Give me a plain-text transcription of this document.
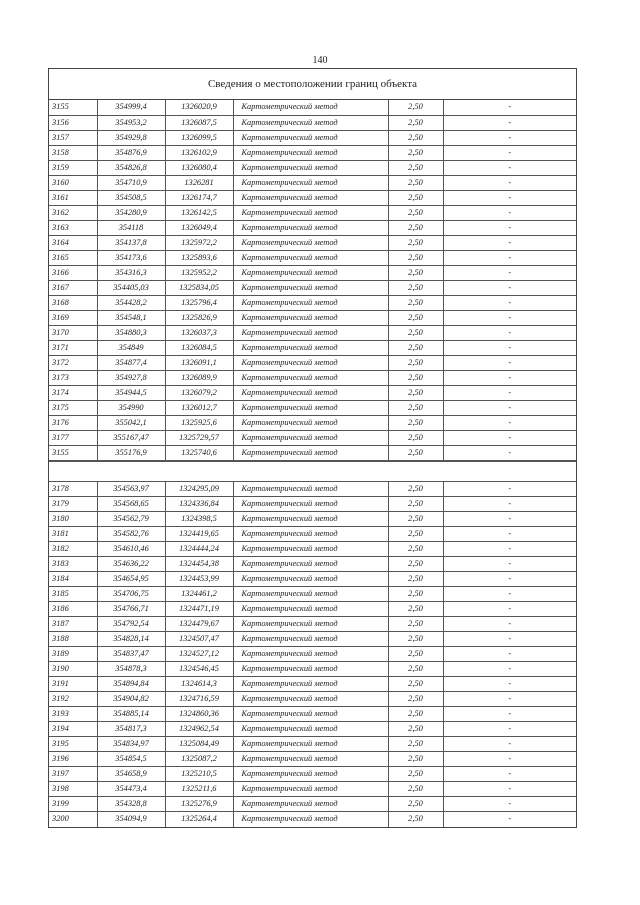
140
Сведения о местоположении границ объекта
3155	354999,4	1326020,9	Картометрический метод	2,50	-
3156	354953,2	1326087,5	Картометрический метод	2,50	-
3157	354929,8	1326099,5	Картометрический метод	2,50	-
3158	354876,9	1326102,9	Картометрический метод	2,50	-
3159	354826,8	1326080,4	Картометрический метод	2,50	-
3160	354710,9	1326281	Картометрический метод	2,50	-
3161	354508,5	1326174,7	Картометрический метод	2,50	-
3162	354280,9	1326142,5	Картометрический метод	2,50	-
3163	354118	1326049,4	Картометрический метод	2,50	-
3164	354137,8	1325972,2	Картометрический метод	2,50	-
3165	354173,6	1325893,6	Картометрический метод	2,50	-
3166	354316,3	1325952,2	Картометрический метод	2,50	-
3167	354405,03	1325834,05	Картометрический метод	2,50	-
3168	354428,2	1325796,4	Картометрический метод	2,50	-
3169	354548,1	1325826,9	Картометрический метод	2,50	-
3170	354880,3	1326037,3	Картометрический метод	2,50	-
3171	354849	1326084,5	Картометрический метод	2,50	-
3172	354877,4	1326091,1	Картометрический метод	2,50	-
3173	354927,8	1326089,9	Картометрический метод	2,50	-
3174	354944,5	1326079,2	Картометрический метод	2,50	-
3175	354990	1326012,7	Картометрический метод	2,50	-
3176	355042,1	1325925,6	Картометрический метод	2,50	-
3177	355167,47	1325729,57	Картометрический метод	2,50	-
3155	355176,9	1325740,6	Картометрический метод	2,50	-
3178	354563,97	1324295,09	Картометрический метод	2,50	-
3179	354568,65	1324336,84	Картометрический метод	2,50	-
3180	354562,79	1324398,5	Картометрический метод	2,50	-
3181	354582,76	1324419,65	Картометрический метод	2,50	-
3182	354610,46	1324444,24	Картометрический метод	2,50	-
3183	354636,22	1324454,38	Картометрический метод	2,50	-
3184	354654,95	1324453,99	Картометрический метод	2,50	-
3185	354706,75	1324461,2	Картометрический метод	2,50	-
3186	354766,71	1324471,19	Картометрический метод	2,50	-
3187	354792,54	1324479,67	Картометрический метод	2,50	-
3188	354828,14	1324507,47	Картометрический метод	2,50	-
3189	354837,47	1324527,12	Картометрический метод	2,50	-
3190	354878,3	1324546,45	Картометрический метод	2,50	-
3191	354894,84	1324614,3	Картометрический метод	2,50	-
3192	354904,82	1324716,59	Картометрический метод	2,50	-
3193	354885,14	1324860,36	Картометрический метод	2,50	-
3194	354817,3	1324962,54	Картометрический метод	2,50	-
3195	354834,97	1325084,49	Картометрический метод	2,50	-
3196	354854,5	1325087,2	Картометрический метод	2,50	-
3197	354658,9	1325210,5	Картометрический метод	2,50	-
3198	354473,4	1325211,6	Картометрический метод	2,50	-
3199	354328,8	1325276,9	Картометрический метод	2,50	-
3200	354094,9	1325264,4	Картометрический метод	2,50	-
